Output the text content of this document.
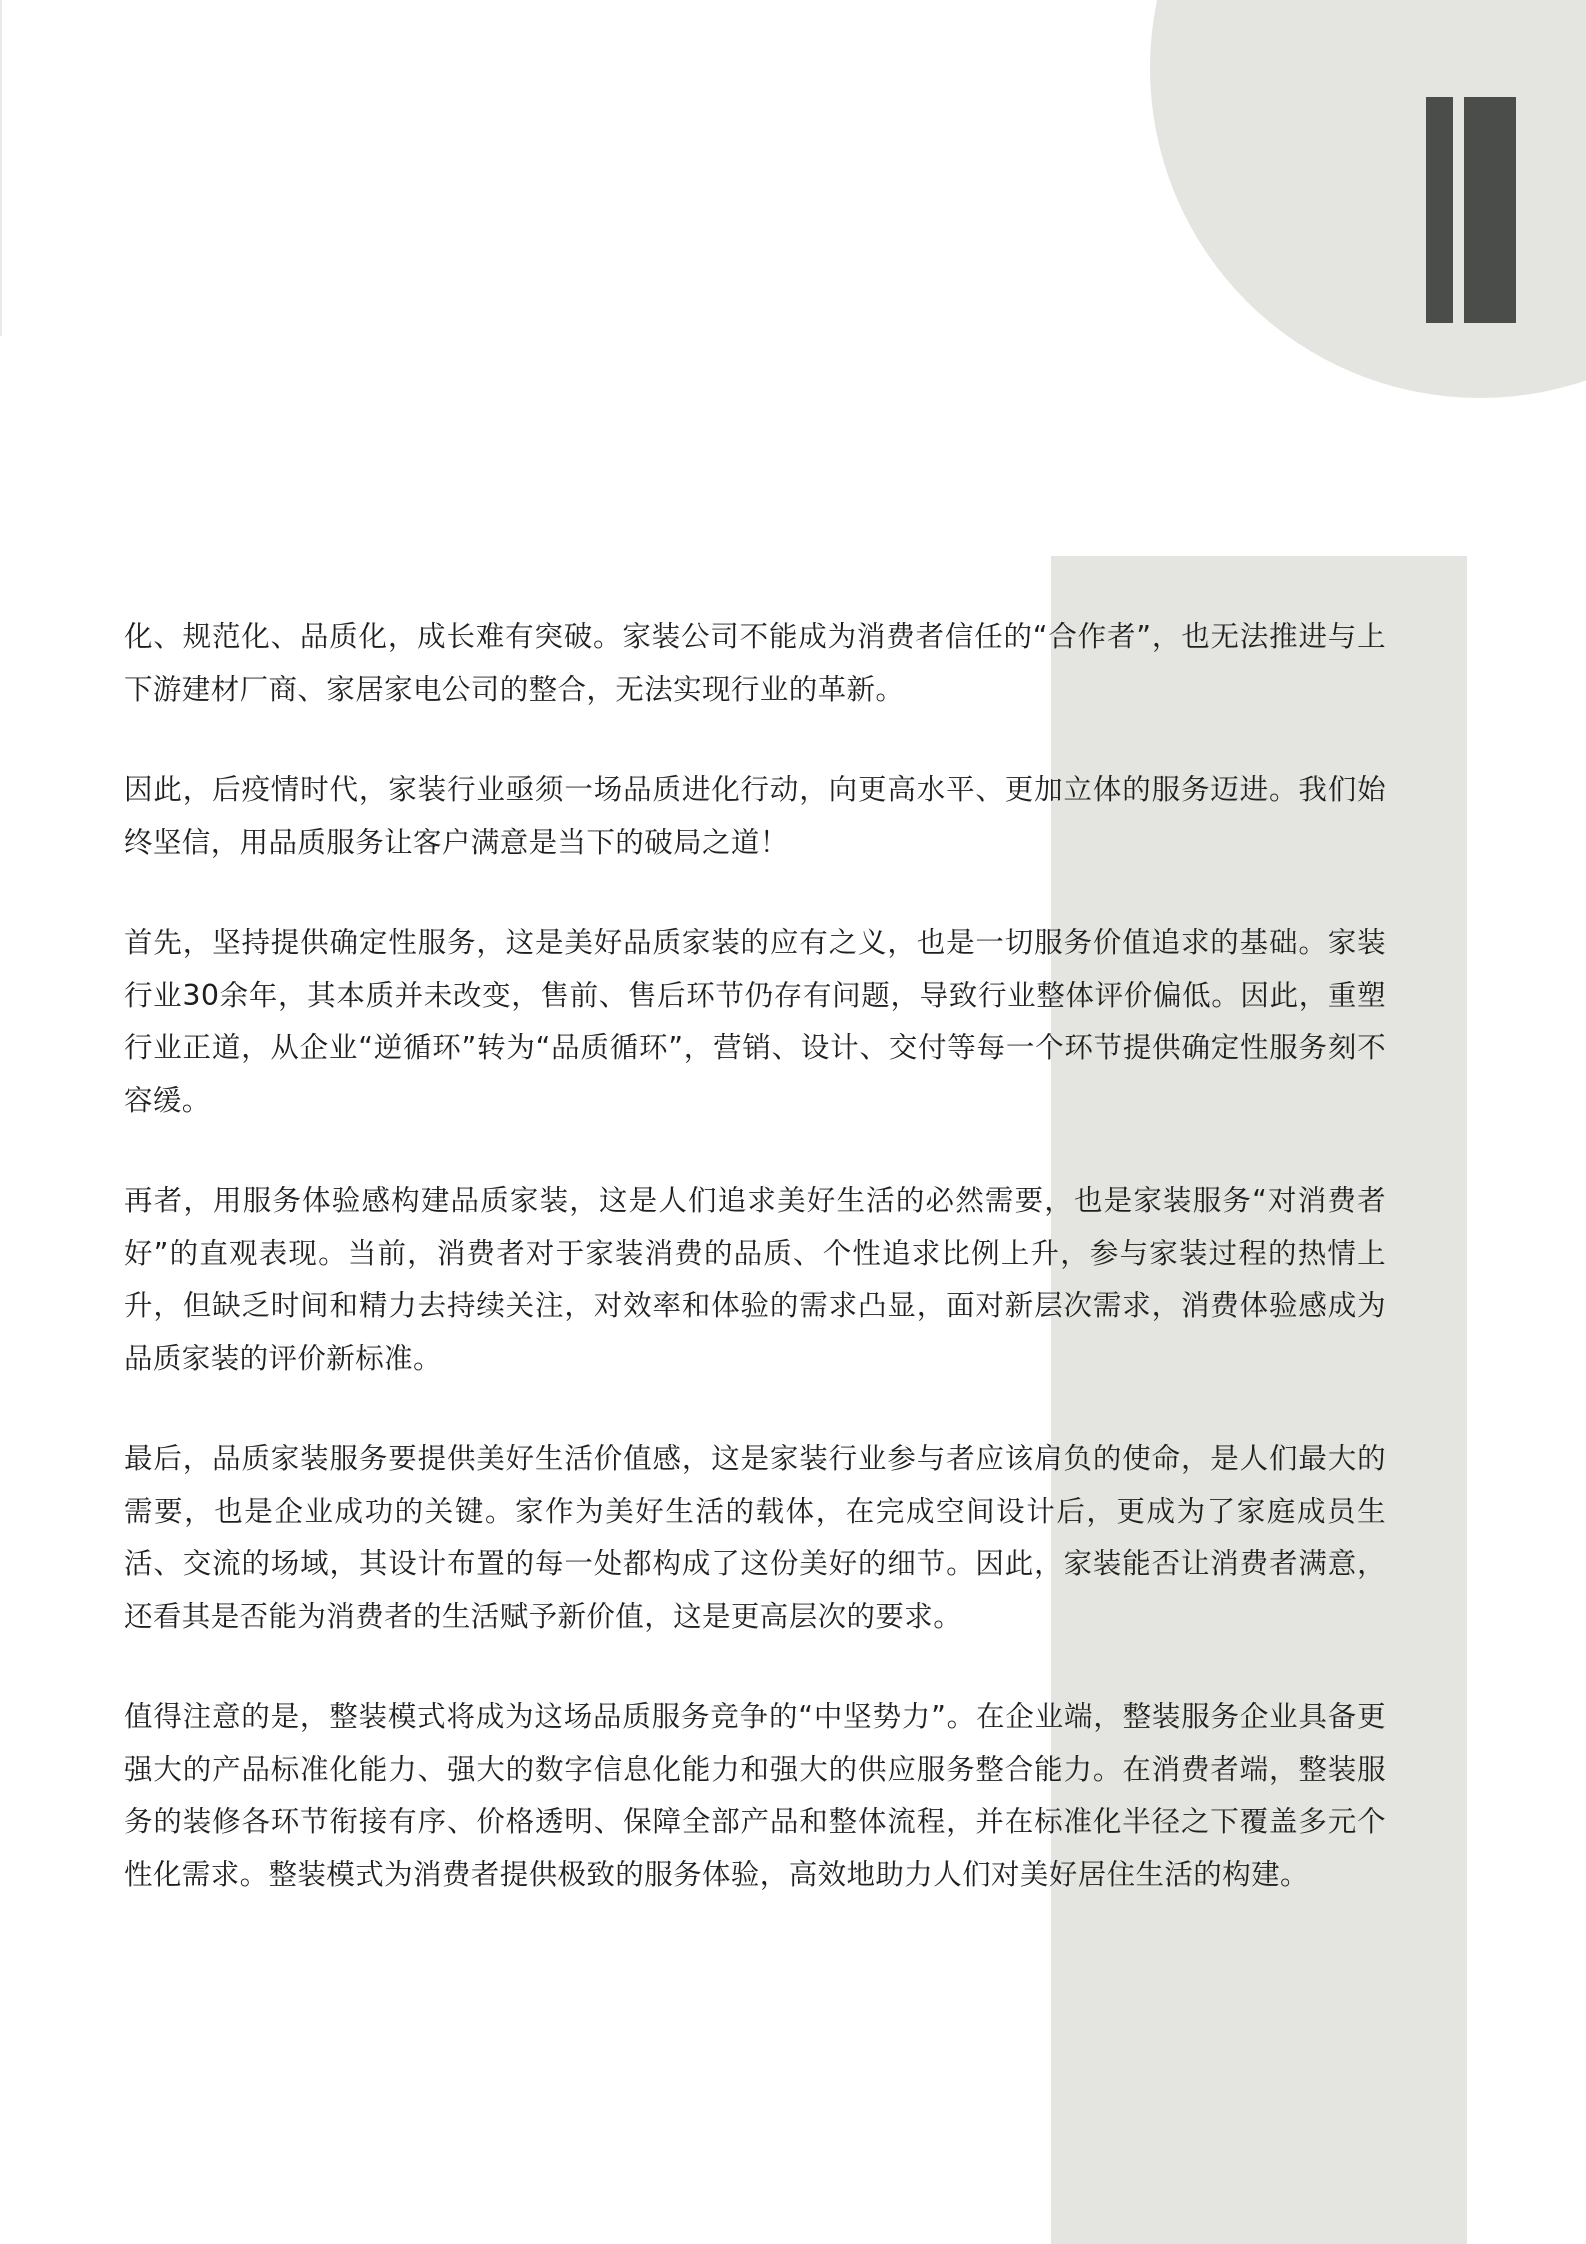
化、规范化、品质化，成长难有突破。家装公司不能成为消费者信任的“合作者”，也无法推进与上下游建材厂商、家居家电公司的整合，无法实现行业的革新。

因此，后疫情时代，家装行业亟须一场品质进化行动，向更高水平、更加立体的服务迈进。我们始终坚信，用品质服务让客户满意是当下的破局之道！

首先，坚持提供确定性服务，这是美好品质家装的应有之义，也是一切服务价值追求的基础。家装行业30余年，其本质并未改变，售前、售后环节仍存有问题，导致行业整体评价偏低。因此，重塑行业正道，从企业“逆循环”转为“品质循环”，营销、设计、交付等每一个环节提供确定性服务刻不容缓。

再者，用服务体验感构建品质家装，这是人们追求美好生活的必然需要，也是家装服务“对消费者好”的直观表现。当前，消费者对于家装消费的品质、个性追求比例上升，参与家装过程的热情上升，但缺乏时间和精力去持续关注，对效率和体验的需求凸显，面对新层次需求，消费体验感成为品质家装的评价新标准。

最后，品质家装服务要提供美好生活价值感，这是家装行业参与者应该肩负的使命，是人们最大的需要，也是企业成功的关键。家作为美好生活的载体，在完成空间设计后，更成为了家庭成员生活、交流的场域，其设计布置的每一处都构成了这份美好的细节。因此，家装能否让消费者满意，还看其是否能为消费者的生活赋予新价值，这是更高层次的要求。

值得注意的是，整装模式将成为这场品质服务竞争的“中坚势力”。在企业端，整装服务企业具备更强大的产品标准化能力、强大的数字信息化能力和强大的供应服务整合能力。在消费者端，整装服务的装修各环节衔接有序、价格透明、保障全部产品和整体流程，并在标准化半径之下覆盖多元个性化需求。整装模式为消费者提供极致的服务体验，高效地助力人们对美好居住生活的构建。
